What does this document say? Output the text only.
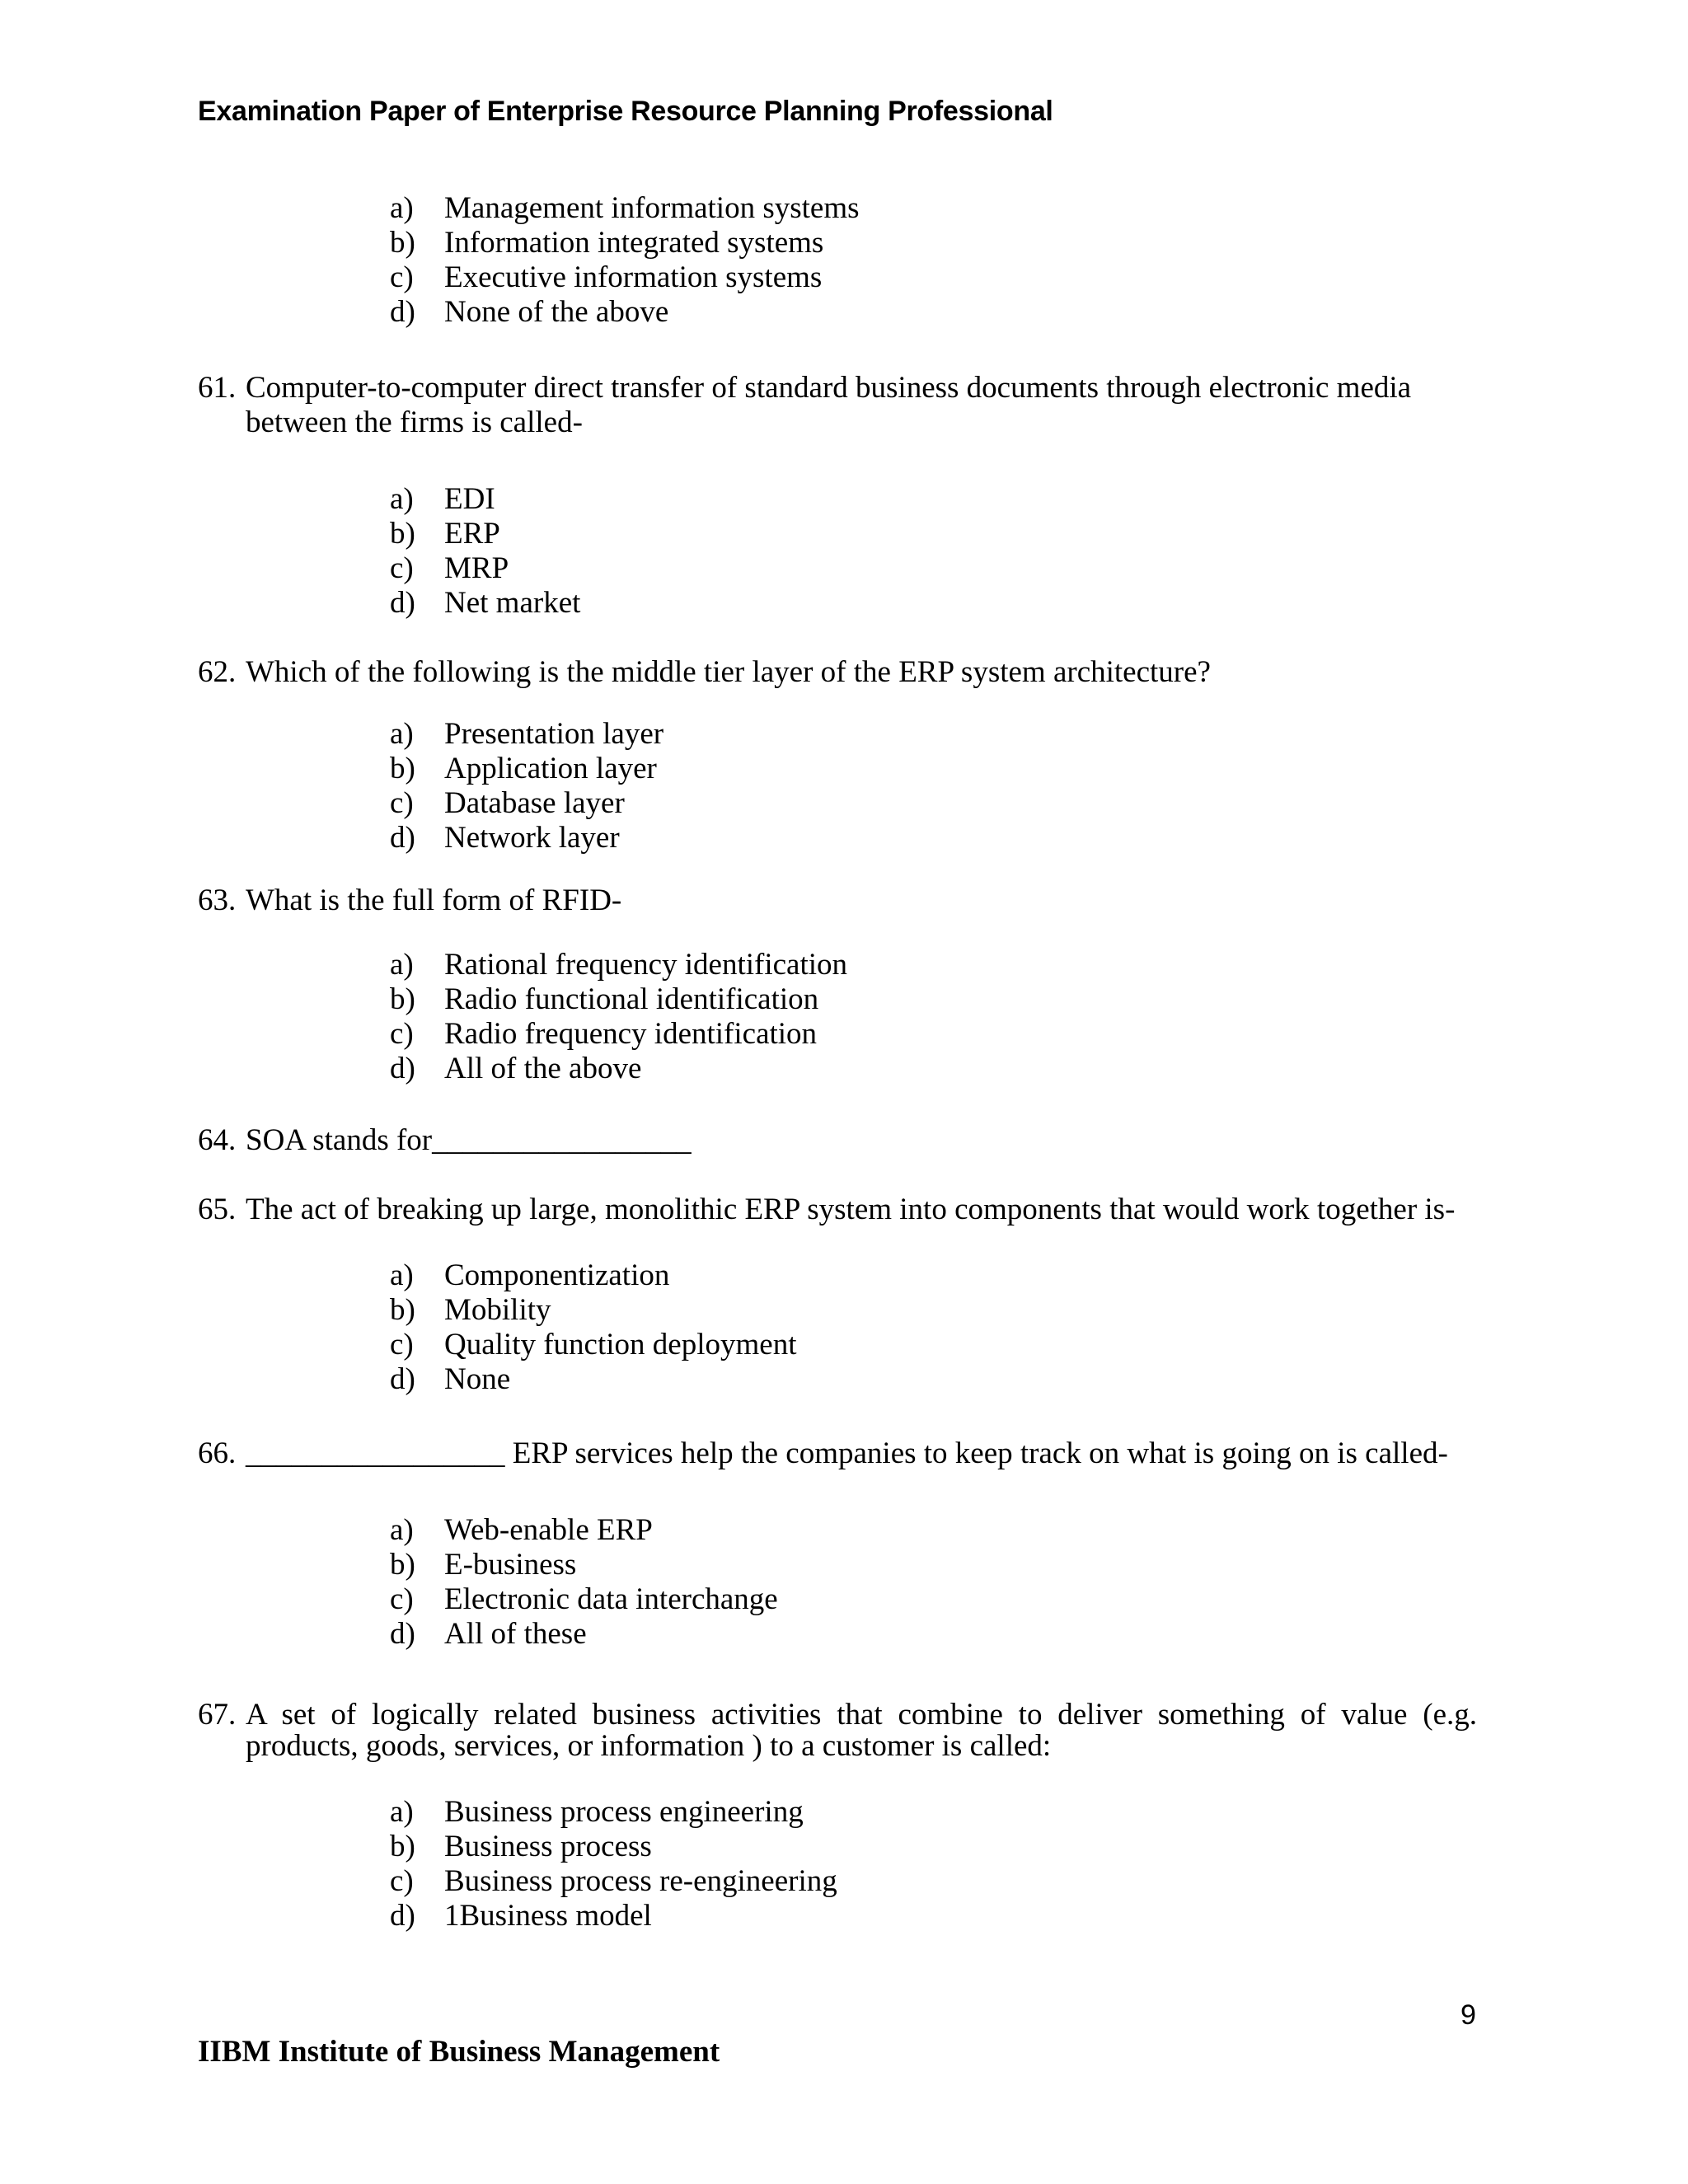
Examination Paper of Enterprise Resource Planning Professional
a) Management information systems
b) Information integrated systems
c) Executive information systems
d) None of the above
61. Computer-to-computer direct transfer of standard business documents through electronic media between the firms is called-
a) EDI
b) ERP
c) MRP
d) Net market
62. Which of the following is the middle tier layer of the ERP system architecture?
a) Presentation layer
b) Application layer
c) Database layer
d) Network layer
63. What is the full form of RFID-
a) Rational frequency identification
b) Radio functional identification
c) Radio frequency identification
d) All of the above
64. SOA stands for_________________
65. The act of breaking up large, monolithic ERP system into components that would work together is-
a) Componentization
b) Mobility
c) Quality function deployment
d) None
66. _________________ ERP services help the companies to keep track on what is going on is called-
a) Web-enable ERP
b) E-business
c) Electronic data interchange
d) All of these
67. A set of logically related business activities that combine to deliver something of value (e.g. products, goods, services, or information ) to a customer is called:
a) Business process engineering
b) Business process
c) Business process re-engineering
d) 1Business model
9
IIBM Institute of Business Management
